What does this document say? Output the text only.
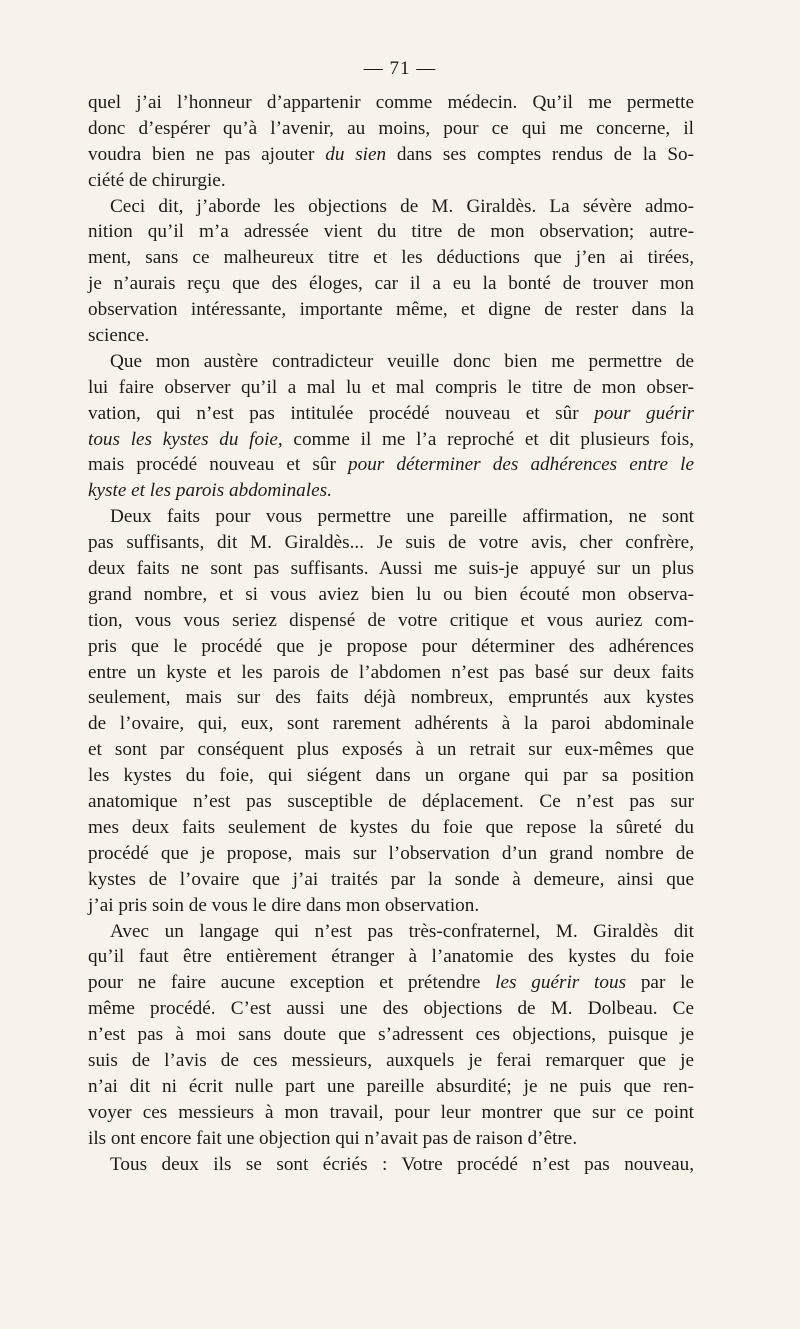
— 71 —
quel j’ai l’honneur d’appartenir comme médecin. Qu’il me permette
donc d’espérer qu’à l’avenir, au moins, pour ce qui me concerne, il
voudra bien ne pas ajouter du sien dans ses comptes rendus de la So-
ciété de chirurgie.
Ceci dit, j’aborde les objections de M. Giraldès. La sévère admo-
nition qu’il m’a adressée vient du titre de mon observation; autre-
ment, sans ce malheureux titre et les déductions que j’en ai tirées,
je n’aurais reçu que des éloges, car il a eu la bonté de trouver mon
observation intéressante, importante même, et digne de rester dans la
science.
Que mon austère contradicteur veuille donc bien me permettre de
lui faire observer qu’il a mal lu et mal compris le titre de mon obser-
vation, qui n’est pas intitulée procédé nouveau et sûr pour guérir
tous les kystes du foie, comme il me l’a reproché et dit plusieurs fois,
mais procédé nouveau et sûr pour déterminer des adhérences entre le
kyste et les parois abdominales.
Deux faits pour vous permettre une pareille affirmation, ne sont
pas suffisants, dit M. Giraldès... Je suis de votre avis, cher confrère,
deux faits ne sont pas suffisants. Aussi me suis-je appuyé sur un plus
grand nombre, et si vous aviez bien lu ou bien écouté mon observa-
tion, vous vous seriez dispensé de votre critique et vous auriez com-
pris que le procédé que je propose pour déterminer des adhérences
entre un kyste et les parois de l’abdomen n’est pas basé sur deux faits
seulement, mais sur des faits déjà nombreux, empruntés aux kystes
de l’ovaire, qui, eux, sont rarement adhérents à la paroi abdominale
et sont par conséquent plus exposés à un retrait sur eux-mêmes que
les kystes du foie, qui siégent dans un organe qui par sa position
anatomique n’est pas susceptible de déplacement. Ce n’est pas sur
mes deux faits seulement de kystes du foie que repose la sûreté du
procédé que je propose, mais sur l’observation d’un grand nombre de
kystes de l’ovaire que j’ai traités par la sonde à demeure, ainsi que
j’ai pris soin de vous le dire dans mon observation.
Avec un langage qui n’est pas très-confraternel, M. Giraldès dit
qu’il faut être entièrement étranger à l’anatomie des kystes du foie
pour ne faire aucune exception et prétendre les guérir tous par le
même procédé. C’est aussi une des objections de M. Dolbeau. Ce
n’est pas à moi sans doute que s’adressent ces objections, puisque je
suis de l’avis de ces messieurs, auxquels je ferai remarquer que je
n’ai dit ni écrit nulle part une pareille absurdité; je ne puis que ren-
voyer ces messieurs à mon travail, pour leur montrer que sur ce point
ils ont encore fait une objection qui n’avait pas de raison d’être.
Tous deux ils se sont écriés : Votre procédé n’est pas nouveau,
